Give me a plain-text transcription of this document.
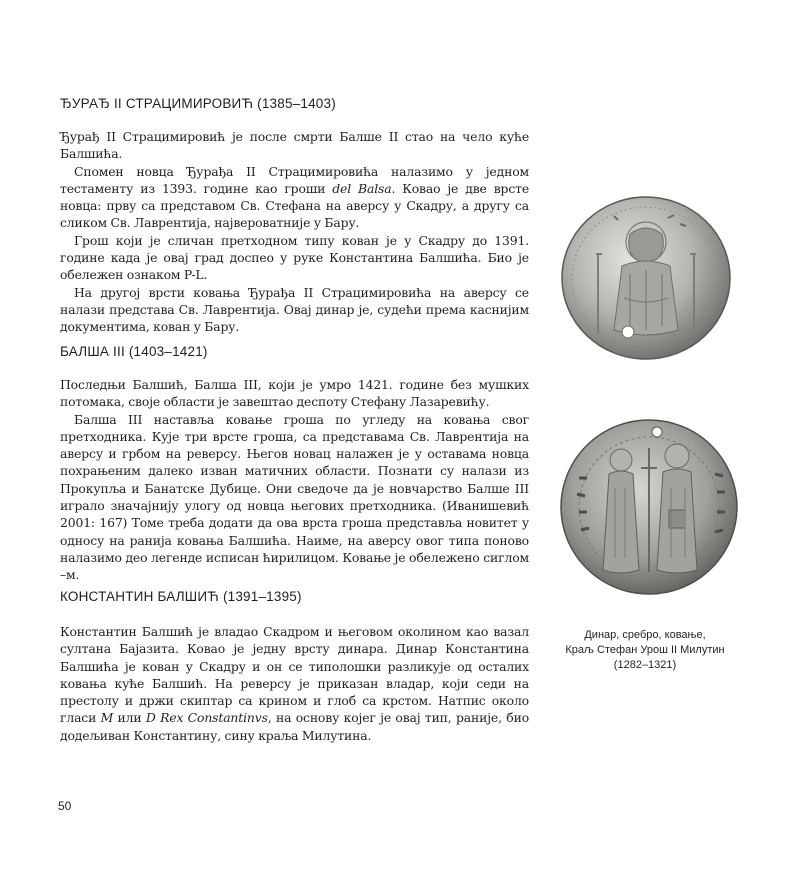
ЂУРАЂ II СТРАЦИМИРОВИЋ (1385–1403)

Ђурађ II Страцимировић је после смрти Балше II стао на чело куће Балшића.

Спомен новца Ђурађа II Страцимировића налазимо у једном тестаменту из 1393. године као гроши del Balsa. Ковао је две врсте новца: прву са представом Св. Стефана на аверсу у Скадру, а другу са сликом Св. Лаврентија, највероватније у Бару.

Грош који је сличан претходном типу кован је у Скадру до 1391. године када је овај град доспео у руке Константина Балшића. Био је обележен ознаком P-L.

На другој врсти ковања Ђурађа II Страцимировића на аверсу се налази представа Св. Лаврентија. Овај динар је, судећи према каснијим документима, кован у Бару.

БАЛША III (1403–1421)

Последњи Балшић, Балша III, који је умро 1421. године без мушких потомака, своје области је завештао деспоту Стефану Лазаревићу.

Балша III наставља ковање гроша по угледу на ковања свог претходника. Кује три врсте гроша, са представама Св. Лаврентија на аверсу и грбом на реверсу. Његов новац налажен је у оставама новца похрањеним далеко изван матичних области. Познати су налази из Прокупља и Банатске Дубице. Они сведоче да је новчарство Балше III играло значајнију улогу од новца његових претходника. (Иванишевић 2001: 167) Томе треба додати да ова врста гроша представља новитет у односу на ранија ковања Балшића. Наиме, на аверсу овог типа поново налазимо део легенде исписан ћирилицом. Ковање је обележено сиглом –м.

КОНСТАНТИН БАЛШИЋ (1391–1395)

Константин Балшић је владао Скадром и његовом околином као вазал султана Бајазита. Ковао је једну врсту динара. Динар Константина Балшића је кован у Скадру и он се типолошки разликује од осталих ковања куће Балшић. На реверсу је приказан владар, који седи на престолу и држи скиптар са крином и глоб са крстом. Натпис около гласи M или D Rex Constantinvs, на основу којег је овај тип, раније, био додељиван Константину, сину краља Милутина.

Динар, сребро, ковање,
Краљ Стефан Урош II Милутин
(1282–1321)
50
